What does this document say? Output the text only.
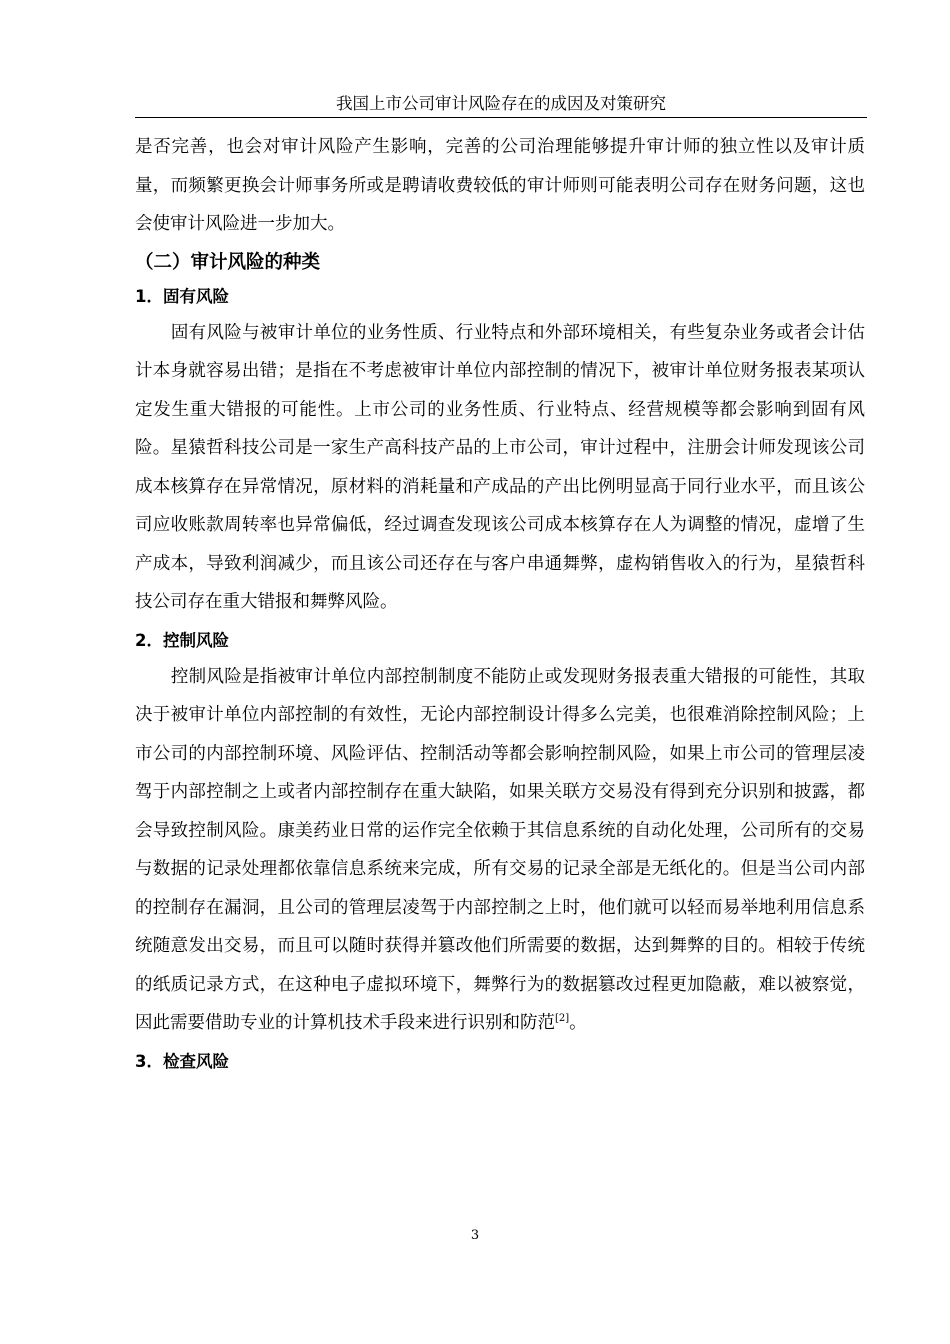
我国上市公司审计风险存在的成因及对策研究

是否完善，也会对审计风险产生影响，完善的公司治理能够提升审计师的独立性以及审计质量，而频繁更换会计师事务所或是聘请收费较低的审计师则可能表明公司存在财务问题，这也会使审计风险进一步加大。

（二）审计风险的种类
1．固有风险

固有风险与被审计单位的业务性质、行业特点和外部环境相关，有些复杂业务或者会计估计本身就容易出错；是指在不考虑被审计单位内部控制的情况下，被审计单位财务报表某项认定发生重大错报的可能性。上市公司的业务性质、行业特点、经营规模等都会影响到固有风险。星猿哲科技公司是一家生产高科技产品的上市公司，审计过程中，注册会计师发现该公司成本核算存在异常情况，原材料的消耗量和产成品的产出比例明显高于同行业水平，而且该公司应收账款周转率也异常偏低，经过调查发现该公司成本核算存在人为调整的情况，虚增了生产成本，导致利润减少，而且该公司还存在与客户串通舞弊，虚构销售收入的行为，星猿哲科技公司存在重大错报和舞弊风险。

2．控制风险

控制风险是指被审计单位内部控制制度不能防止或发现财务报表重大错报的可能性，其取决于被审计单位内部控制的有效性，无论内部控制设计得多么完美，也很难消除控制风险；上市公司的内部控制环境、风险评估、控制活动等都会影响控制风险，如果上市公司的管理层凌驾于内部控制之上或者内部控制存在重大缺陷，如果关联方交易没有得到充分识别和披露，都会导致控制风险。康美药业日常的运作完全依赖于其信息系统的自动化处理，公司所有的交易与数据的记录处理都依靠信息系统来完成，所有交易的记录全部是无纸化的。但是当公司内部的控制存在漏洞，且公司的管理层凌驾于内部控制之上时，他们就可以轻而易举地利用信息系统随意发出交易，而且可以随时获得并篡改他们所需要的数据，达到舞弊的目的。相较于传统的纸质记录方式，在这种电子虚拟环境下，舞弊行为的数据篡改过程更加隐蔽，难以被察觉，因此需要借助专业的计算机技术手段来进行识别和防范[2]。

3．检查风险
3
